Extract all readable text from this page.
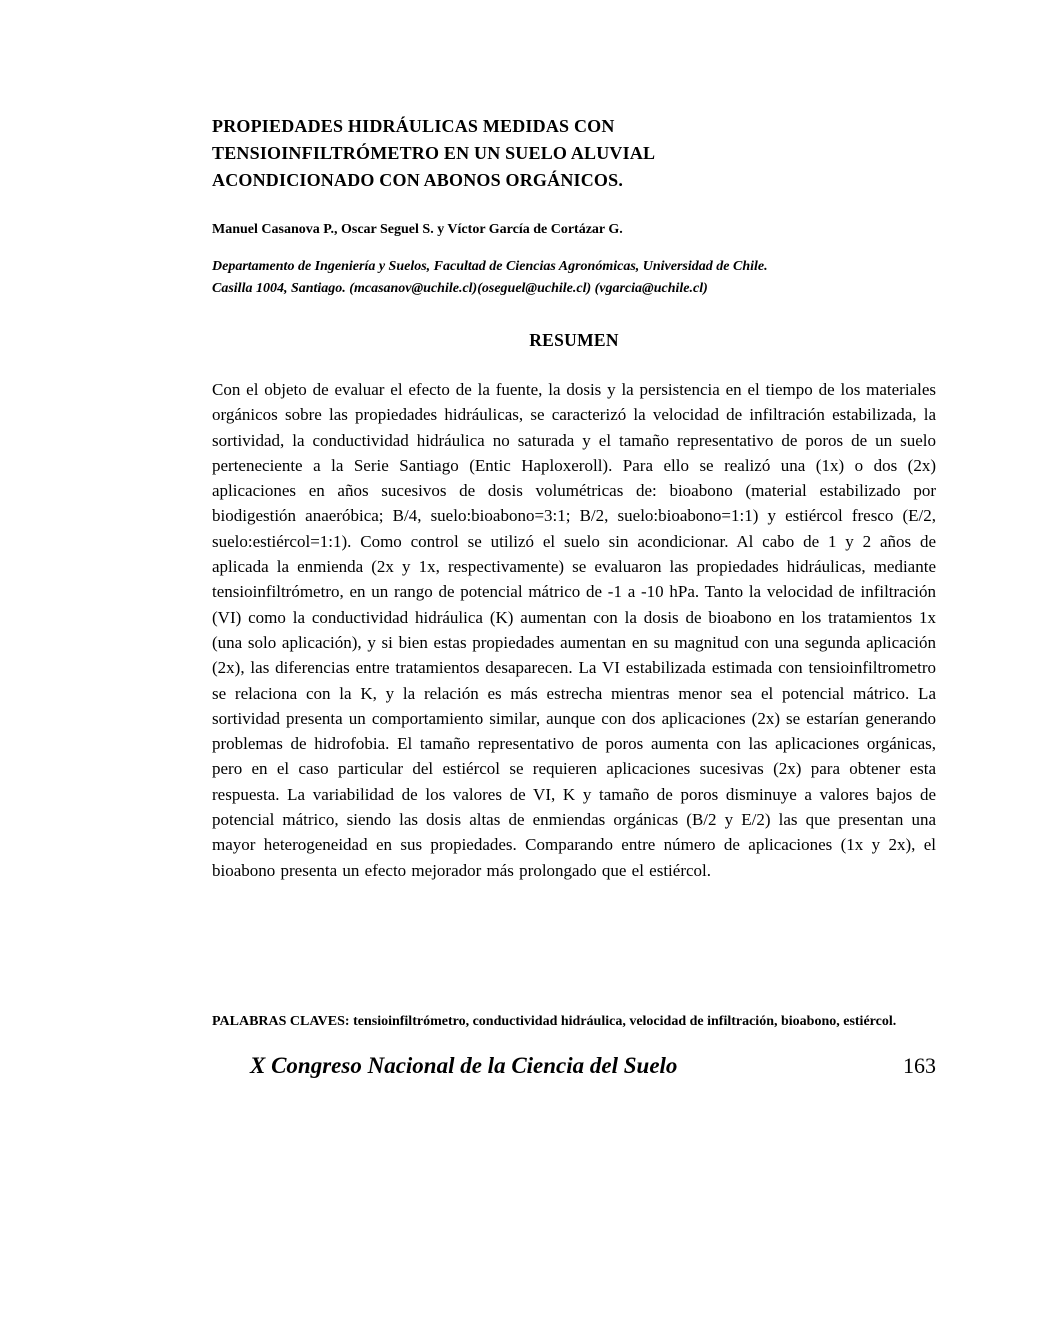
PROPIEDADES HIDRÁULICAS MEDIDAS CON
TENSIOINFILTRÓMETRO EN UN SUELO ALUVIAL
ACONDICIONADO CON ABONOS ORGÁNICOS.
Manuel Casanova P., Oscar Seguel S. y Víctor García de Cortázar G.
Departamento de Ingeniería y Suelos, Facultad de Ciencias Agronómicas, Universidad de Chile.
Casilla 1004, Santiago. (mcasanov@uchile.cl)(oseguel@uchile.cl) (vgarcia@uchile.cl)
RESUMEN

Con el objeto de evaluar el efecto de la fuente, la dosis y la persistencia en el tiempo de los materiales orgánicos sobre las propiedades hidráulicas, se caracterizó la velocidad de infiltración estabilizada, la sortividad, la conductividad hidráulica no saturada y el tamaño representativo de poros de un suelo perteneciente a la Serie Santiago (Entic Haploxeroll). Para ello se realizó una (1x) o dos (2x) aplicaciones en años sucesivos de dosis volumétricas de: bioabono (material estabilizado por biodigestión anaeróbica; B/4, suelo:bioabono=3:1; B/2, suelo:bioabono=1:1) y estiércol fresco (E/2, suelo:estiércol=1:1). Como control se utilizó el suelo sin acondicionar. Al cabo de 1 y 2 años de aplicada la enmienda (2x y 1x, respectivamente) se evaluaron las propiedades hidráulicas, mediante tensioinfiltrómetro, en un rango de potencial mátrico de -1 a -10 hPa. Tanto la velocidad de infiltración (VI) como la conductividad hidráulica (K) aumentan con la dosis de bioabono en los tratamientos 1x (una solo aplicación), y si bien estas propiedades aumentan en su magnitud con una segunda aplicación (2x), las diferencias entre tratamientos desaparecen. La VI estabilizada estimada con tensioinfiltrometro se relaciona con la K, y la relación es más estrecha mientras menor sea el potencial mátrico. La sortividad presenta un comportamiento similar, aunque con dos aplicaciones (2x) se estarían generando problemas de hidrofobia. El tamaño representativo de poros aumenta con las aplicaciones orgánicas, pero en el caso particular del estiércol se requieren aplicaciones sucesivas (2x) para obtener esta respuesta. La variabilidad de los valores de VI, K y tamaño de poros disminuye a valores bajos de potencial mátrico, siendo las dosis altas de enmiendas orgánicas (B/2 y E/2) las que presentan una mayor heterogeneidad en sus propiedades. Comparando entre número de aplicaciones (1x y 2x), el bioabono presenta un efecto mejorador más prolongado que el estiércol.

PALABRAS CLAVES: tensioinfiltrómetro, conductividad hidráulica, velocidad de infiltración, bioabono, estiércol.

X Congreso Nacional de la Ciencia del Suelo	163
